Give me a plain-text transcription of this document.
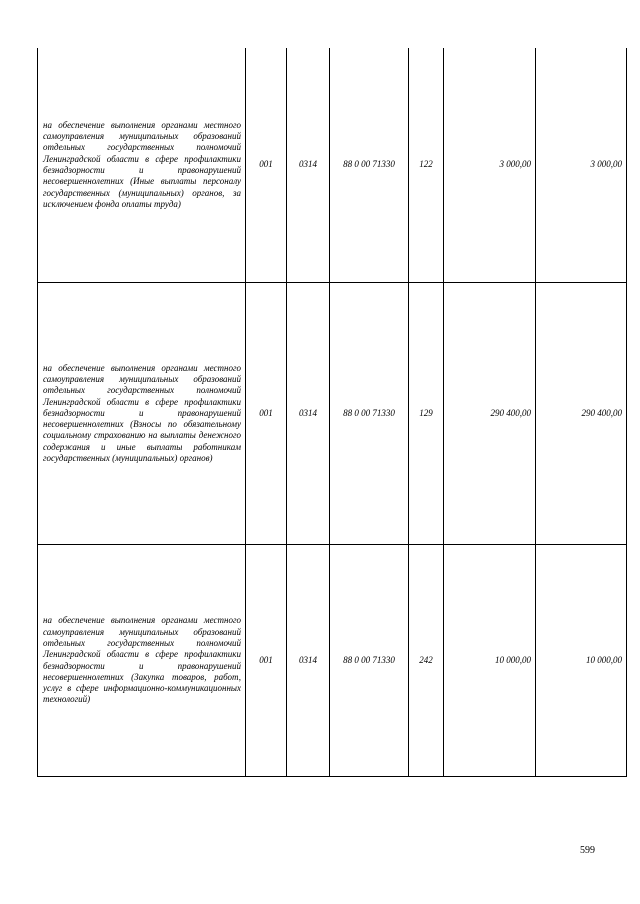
на обеспечение выполнения органами местного самоуправления муниципальных образований отдельных государственных полномочий Ленинградской области в сфере профилактики безнадзорности и правонарушений несовершеннолетних (Иные выплаты персоналу государственных (муниципальных) органов, за исключением фонда оплаты труда)	001	0314	88 0 00 71330	122	3 000,00	3 000,00
на обеспечение выполнения органами местного самоуправления муниципальных образований отдельных государственных полномочий Ленинградской области в сфере профилактики безнадзорности и правонарушений несовершеннолетних (Взносы по обязательному социальному страхованию на выплаты денежного содержания и иные выплаты работникам государственных (муниципальных) органов)	001	0314	88 0 00 71330	129	290 400,00	290 400,00
на обеспечение выполнения органами местного самоуправления муниципальных образований отдельных государственных полномочий Ленинградской области в сфере профилактики безнадзорности и правонарушений несовершеннолетних (Закупка товаров, работ, услуг в сфере информационно-коммуникационных технологий)	001	0314	88 0 00 71330	242	10 000,00	10 000,00
599
